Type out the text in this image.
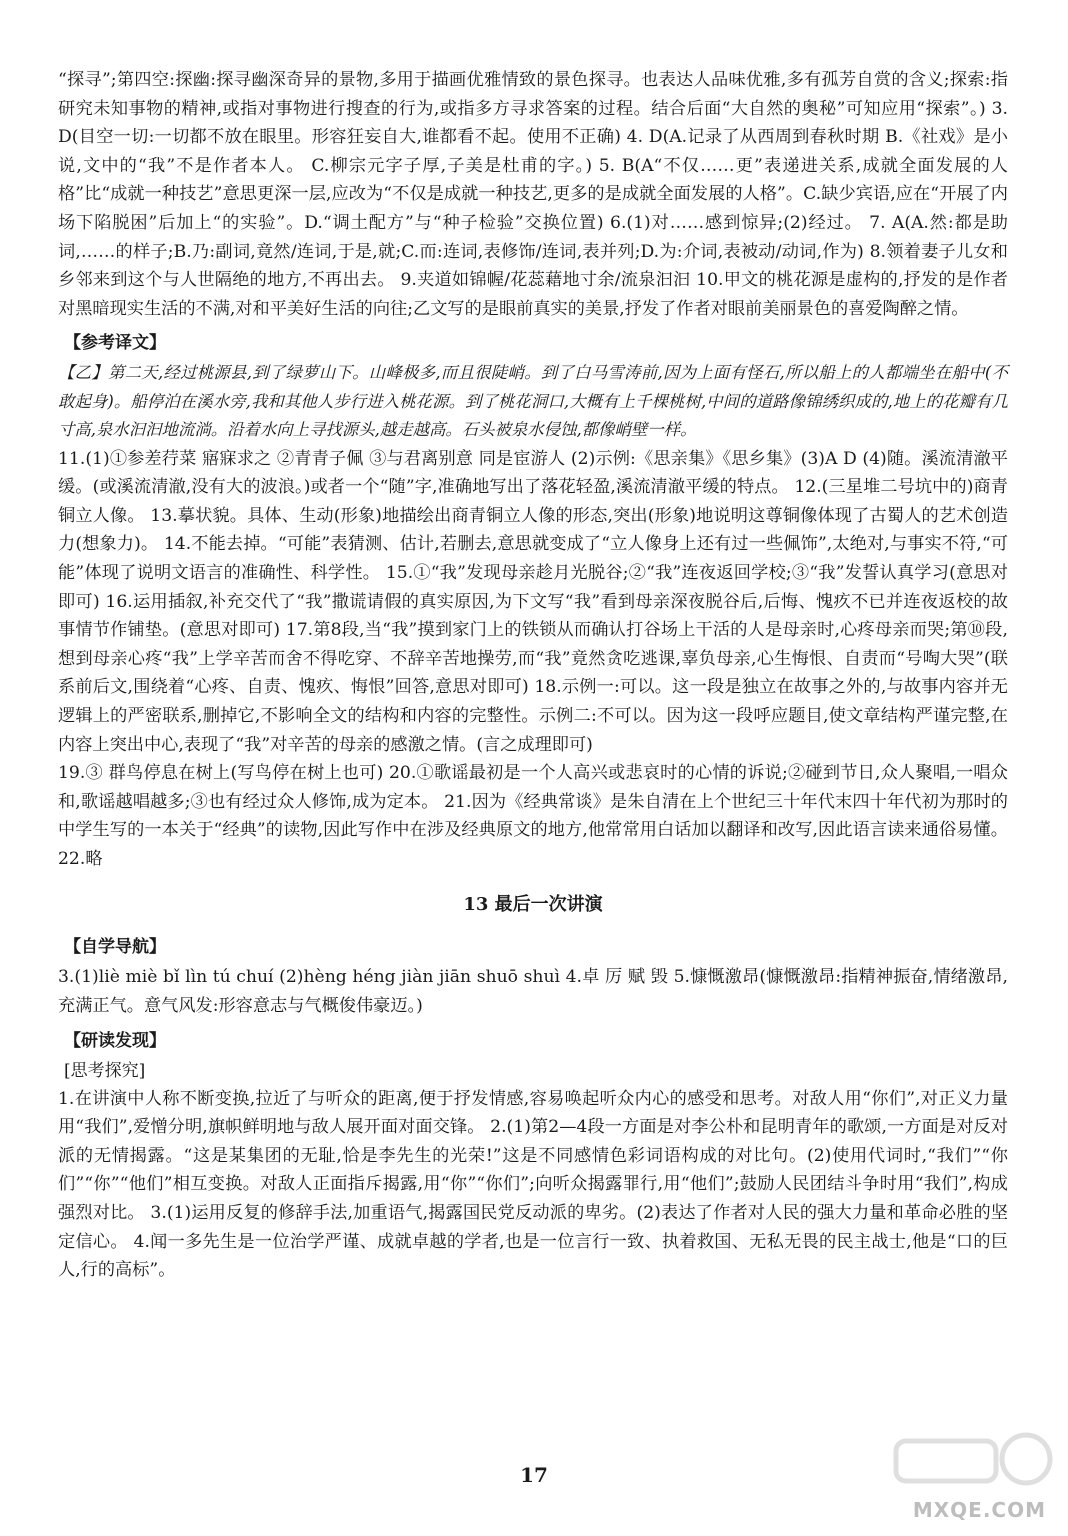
“探寻”;第四空:探幽:探寻幽深奇异的景物,多用于描画优雅情致的景色探寻。也表达人品味优雅,多有孤芳自赏的含义;探索:指研究未知事物的精神,或指对事物进行搜查的行为,或指多方寻求答案的过程。结合后面“大自然的奥秘”可知应用“探索”。) 3. D(目空一切:一切都不放在眼里。形容狂妄自大,谁都看不起。使用不正确) 4. D(A.记录了从西周到春秋时期 B.《社戏》是小说,文中的“我”不是作者本人。 C.柳宗元字子厚,子美是杜甫的字。) 5. B(A“不仅……更”表递进关系,成就全面发展的人格”比“成就一种技艺”意思更深一层,应改为“不仅是成就一种技艺,更多的是成就全面发展的人格”。C.缺少宾语,应在“开展了内场下陷脱困”后加上“的实验”。D.“调土配方”与“种子检验”交换位置) 6.(1)对……感到惊异;(2)经过。 7. A(A.然:都是助词,……的样子;B.乃:副词,竟然/连词,于是,就;C.而:连词,表修饰/连词,表并列;D.为:介词,表被动/动词,作为) 8.领着妻子儿女和乡邻来到这个与人世隔绝的地方,不再出去。 9.夹道如锦幄/花蕊藉地寸余/流泉汩汩 10.甲文的桃花源是虚构的,抒发的是作者对黑暗现实生活的不满,对和平美好生活的向往;乙文写的是眼前真实的美景,抒发了作者对眼前美丽景色的喜爱陶醉之情。

【参考译文】

【乙】第二天,经过桃源县,到了绿萝山下。山峰极多,而且很陡峭。到了白马雪涛前,因为上面有怪石,所以船上的人都端坐在船中(不敢起身)。船停泊在溪水旁,我和其他人步行进入桃花源。到了桃花洞口,大概有上千棵桃树,中间的道路像锦绣织成的,地上的花瓣有几寸高,泉水汩汩地流淌。沿着水向上寻找源头,越走越高。石头被泉水侵蚀,都像峭壁一样。

11.(1)①参差荇菜 寤寐求之 ②青青子佩 ③与君离别意 同是宦游人 (2)示例:《思亲集》《思乡集》(3)A D (4)随。溪流清澈平缓。(或溪流清澈,没有大的波浪。)或者一个“随”字,准确地写出了落花轻盈,溪流清澈平缓的特点。 12.(三星堆二号坑中的)商青铜立人像。 13.摹状貌。具体、生动(形象)地描绘出商青铜立人像的形态,突出(形象)地说明这尊铜像体现了古蜀人的艺术创造力(想象力)。 14.不能去掉。“可能”表猜测、估计,若删去,意思就变成了“立人像身上还有过一些佩饰”,太绝对,与事实不符,“可能”体现了说明文语言的准确性、科学性。 15.①“我”发现母亲趁月光脱谷;②“我”连夜返回学校;③“我”发誓认真学习(意思对即可) 16.运用插叙,补充交代了“我”撒谎请假的真实原因,为下文写“我”看到母亲深夜脱谷后,后悔、愧疚不已并连夜返校的故事情节作铺垫。(意思对即可) 17.第8段,当“我”摸到家门上的铁锁从而确认打谷场上干活的人是母亲时,心疼母亲而哭;第⑩段,想到母亲心疼“我”上学辛苦而舍不得吃穿、不辞辛苦地操劳,而“我”竟然贪吃逃课,辜负母亲,心生悔恨、自责而“号啕大哭”(联系前后文,围绕着“心疼、自责、愧疚、悔恨”回答,意思对即可) 18.示例一:可以。这一段是独立在故事之外的,与故事内容并无逻辑上的严密联系,删掉它,不影响全文的结构和内容的完整性。示例二:不可以。因为这一段呼应题目,使文章结构严谨完整,在内容上突出中心,表现了“我”对辛苦的母亲的感激之情。(言之成理即可)

19.③ 群鸟停息在树上(写鸟停在树上也可) 20.①歌谣最初是一个人高兴或悲哀时的心情的诉说;②碰到节日,众人聚唱,一唱众和,歌谣越唱越多;③也有经过众人修饰,成为定本。 21.因为《经典常谈》是朱自清在上个世纪三十年代末四十年代初为那时的中学生写的一本关于“经典”的读物,因此写作中在涉及经典原文的地方,他常常用白话加以翻译和改写,因此语言读来通俗易懂。 22.略

13 最后一次讲演
【自学导航】

3.(1)liè miè bǐ lìn tú chuí (2)hèng héng jiàn jiān shuō shuì 4.卓 厉 赋 毁 5.慷慨激昂(慷慨激昂:指精神振奋,情绪激昂,充满正气。意气风发:形容意志与气概俊伟豪迈。)

【研读发现】
[思考探究]

1.在讲演中人称不断变换,拉近了与听众的距离,便于抒发情感,容易唤起听众内心的感受和思考。对敌人用“你们”,对正义力量用“我们”,爱憎分明,旗帜鲜明地与敌人展开面对面交锋。 2.(1)第2—4段一方面是对李公朴和昆明青年的歌颂,一方面是对反对派的无情揭露。“这是某集团的无耻,恰是李先生的光荣!”这是不同感情色彩词语构成的对比句。(2)使用代词时,“我们”“你们”“你”“他们”相互变换。对敌人正面指斥揭露,用“你”“你们”;向听众揭露罪行,用“他们”;鼓励人民团结斗争时用“我们”,构成强烈对比。 3.(1)运用反复的修辞手法,加重语气,揭露国民党反动派的卑劣。(2)表达了作者对人民的强大力量和革命必胜的坚定信心。 4.闻一多先生是一位治学严谨、成就卓越的学者,也是一位言行一致、执着救国、无私无畏的民主战士,他是“口的巨人,行的高标”。

17
MXQE.COM
